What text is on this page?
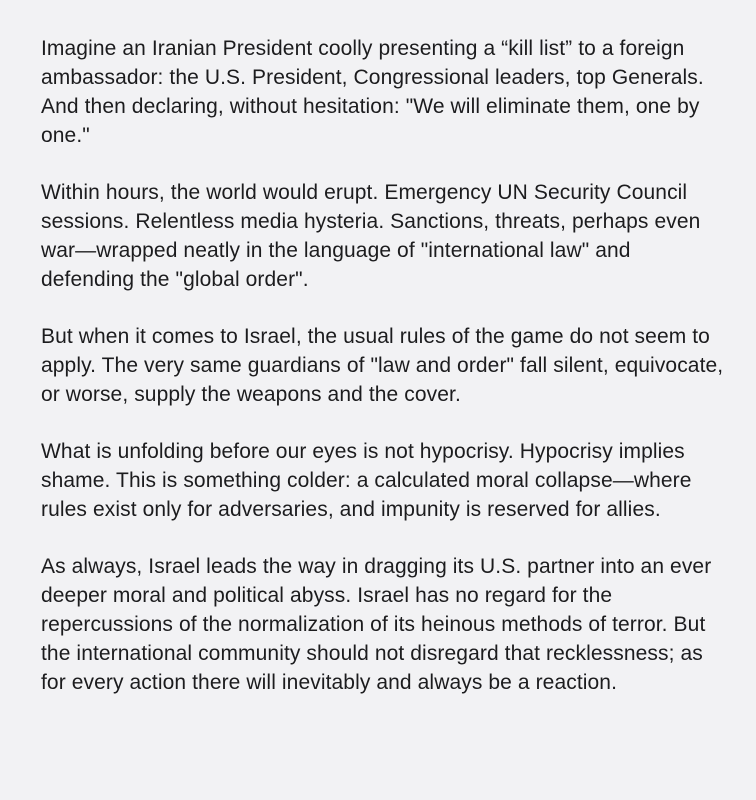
Imagine an Iranian President coolly presenting a “kill list” to a foreign ambassador: the U.S. President, Congressional leaders, top Generals. And then declaring, without hesitation: "We will eliminate them, one by one."

Within hours, the world would erupt. Emergency UN Security Council sessions. Relentless media hysteria. Sanctions, threats, perhaps even war—wrapped neatly in the language of "international law" and defending the "global order".

But when it comes to Israel, the usual rules of the game do not seem to apply. The very same guardians of "law and order" fall silent, equivocate, or worse, supply the weapons and the cover.

What is unfolding before our eyes is not hypocrisy. Hypocrisy implies shame. This is something colder: a calculated moral collapse—where rules exist only for adversaries, and impunity is reserved for allies.

As always, Israel leads the way in dragging its U.S. partner into an ever deeper moral and political abyss. Israel has no regard for the repercussions of the normalization of its heinous methods of terror. But the international community should not disregard that recklessness; as for every action there will inevitably and always be a reaction.
